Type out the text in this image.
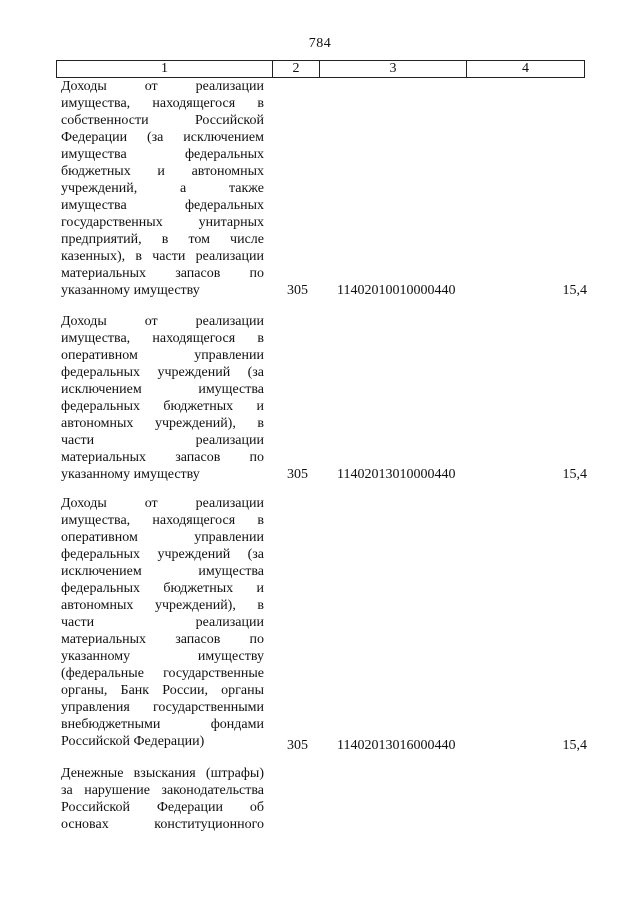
784
1	2	3	4
Доходы от реализации
имущества, находящегося в
собственности Российской
Федерации (за исключением
имущества федеральных
бюджетных и автономных
учреждений, а также
имущества федеральных
государственных унитарных
предприятий, в том числе
казенных), в части реализации
материальных запасов по
указанному имуществу	305 11402010010000440	15,4
Доходы от реализации
имущества, находящегося в
оперативном управлении
федеральных учреждений (за
исключением имущества
федеральных бюджетных и
автономных учреждений), в
части реализации
материальных запасов по
указанному имуществу	305 11402013010000440	15,4
Доходы от реализации
имущества, находящегося в
оперативном управлении
федеральных учреждений (за
исключением имущества
федеральных бюджетных и
автономных учреждений), в
части реализации
материальных запасов по
указанному имуществу
(федеральные государственные
органы, Банк России, органы
управления государственными
внебюджетными фондами
Российской Федерации)	305 11402013016000440	15,4
Денежные взыскания (штрафы)
за нарушение законодательства
Российской Федерации об
основах конституционного
